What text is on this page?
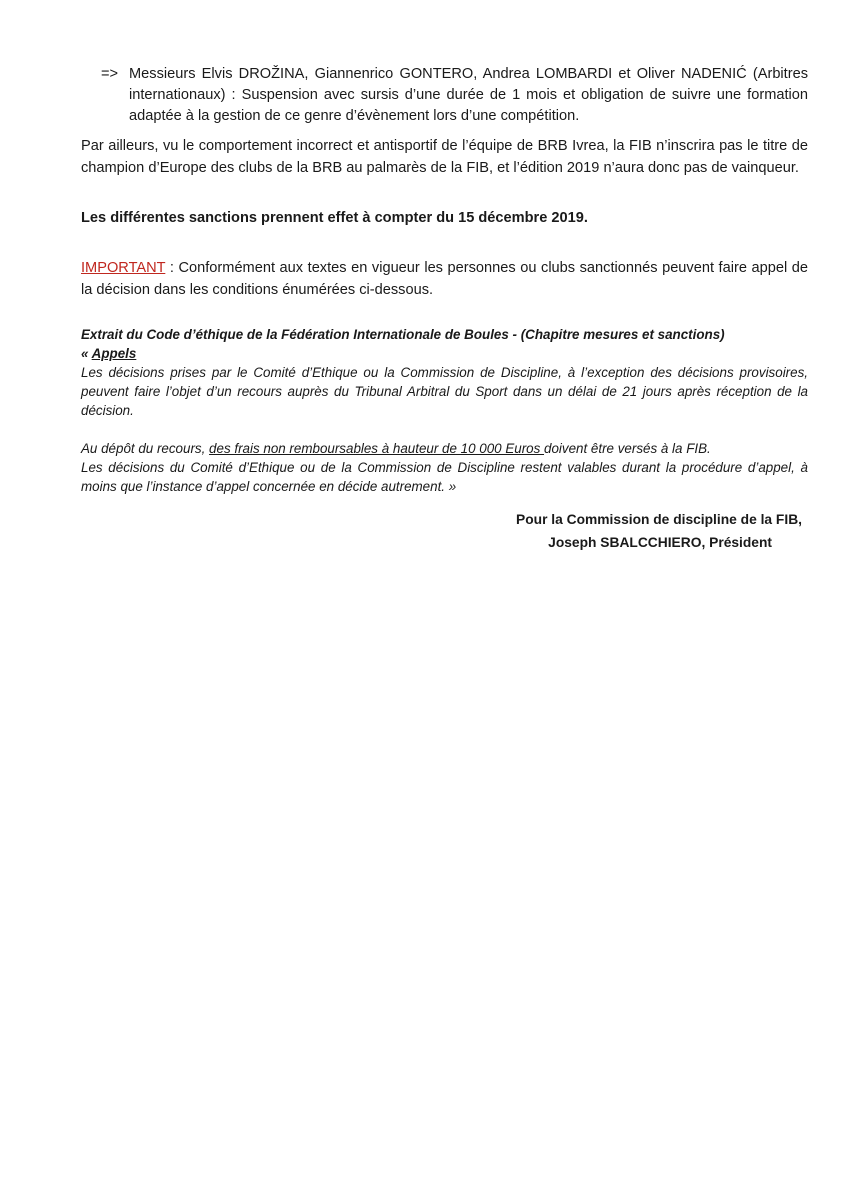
=> Messieurs Elvis DROŽINA, Giannenrico GONTERO, Andrea LOMBARDI et Oliver NADENIĆ (Arbitres internationaux) : Suspension avec sursis d’une durée de 1 mois et obligation de suivre une formation adaptée à la gestion de ce genre d’évènement lors d’une compétition.

Par ailleurs, vu le comportement incorrect et antisportif de l’équipe de BRB Ivrea, la FIB n’inscrira pas le titre de champion d’Europe des clubs de la BRB au palmarès de la FIB, et l’édition 2019 n’aura donc pas de vainqueur.

Les différentes sanctions prennent effet à compter du 15 décembre 2019.

IMPORTANT : Conformément aux textes en vigueur les personnes ou clubs sanctionnés peuvent faire appel de la décision dans les conditions énumérées ci-dessous.

Extrait du Code d’éthique de la Fédération Internationale de Boules - (Chapitre mesures et sanctions)
« Appels

Les décisions prises par le Comité d’Ethique ou la Commission de Discipline, à l’exception des décisions provisoires, peuvent faire l’objet d’un recours auprès du Tribunal Arbitral du Sport dans un délai de 21 jours après réception de la décision.

Au dépôt du recours, des frais non remboursables à hauteur de 10 000 Euros doivent être versés à la FIB.

Les décisions du Comité d’Ethique ou de la Commission de Discipline restent valables durant la procédure d’appel, à moins que l’instance d’appel concernée en décide autrement. »

Pour la Commission de discipline de la FIB,
Joseph SBALCCHIERO, Président
